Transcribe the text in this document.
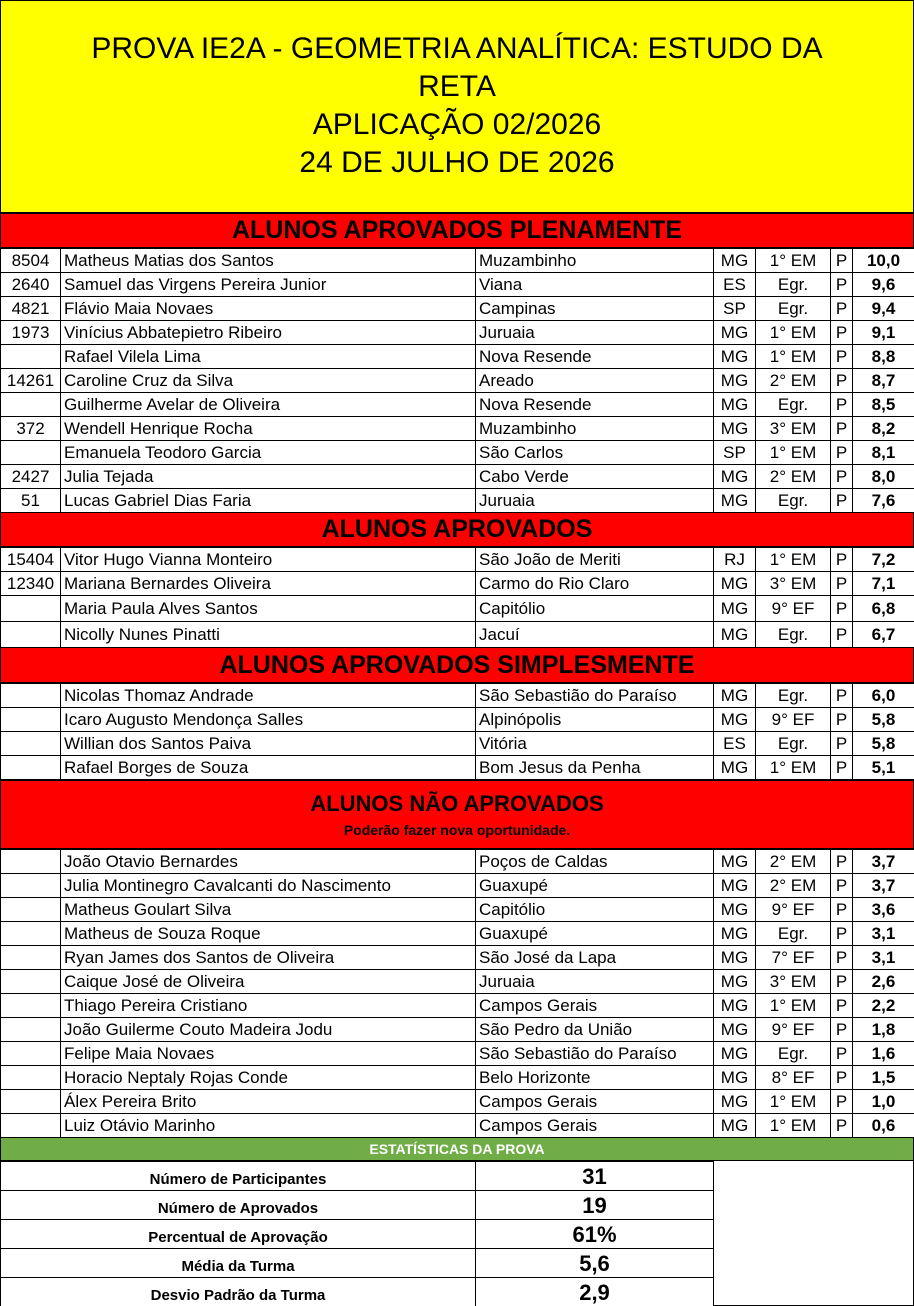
PROVA IE2A - GEOMETRIA ANALÍTICA: ESTUDO DA
RETA
APLICAÇÃO 02/2026
24 DE JULHO DE 2026
ALUNOS APROVADOS PLENAMENTE
8504	Matheus Matias dos Santos	Muzambinho	MG	1° EM	P	10,0
2640	Samuel das Virgens Pereira Junior	Viana	ES	Egr.	P	9,6
4821	Flávio Maia Novaes	Campinas	SP	Egr.	P	9,4
1973	Vinícius Abbatepietro Ribeiro	Juruaia	MG	1° EM	P	9,1
	Rafael Vilela Lima	Nova Resende	MG	1° EM	P	8,8
14261	Caroline Cruz da Silva	Areado	MG	2° EM	P	8,7
	Guilherme Avelar de Oliveira	Nova Resende	MG	Egr.	P	8,5
372	Wendell Henrique Rocha	Muzambinho	MG	3° EM	P	8,2
	Emanuela Teodoro Garcia	São Carlos	SP	1° EM	P	8,1
2427	Julia Tejada	Cabo Verde	MG	2° EM	P	8,0
51	Lucas Gabriel Dias Faria	Juruaia	MG	Egr.	P	7,6
ALUNOS APROVADOS
15404	Vitor Hugo Vianna Monteiro	São João de Meriti	RJ	1° EM	P	7,2
12340	Mariana Bernardes Oliveira	Carmo do Rio Claro	MG	3° EM	P	7,1
	Maria Paula Alves Santos	Capitólio	MG	9° EF	P	6,8
	Nicolly Nunes Pinatti	Jacuí	MG	Egr.	P	6,7
ALUNOS APROVADOS SIMPLESMENTE
	Nicolas Thomaz Andrade	São Sebastião do Paraíso	MG	Egr.	P	6,0
	Icaro Augusto Mendonça Salles	Alpinópolis	MG	9° EF	P	5,8
	Willian dos Santos Paiva	Vitória	ES	Egr.	P	5,8
	Rafael Borges de Souza	Bom Jesus da Penha	MG	1° EM	P	5,1
ALUNOS NÃO APROVADOS
Poderão fazer nova oportunidade.
	João Otavio Bernardes	Poços de Caldas	MG	2° EM	P	3,7
	Julia Montinegro Cavalcanti do Nascimento	Guaxupé	MG	2° EM	P	3,7
	Matheus Goulart Silva	Capitólio	MG	9° EF	P	3,6
	Matheus de Souza Roque	Guaxupé	MG	Egr.	P	3,1
	Ryan James dos Santos de Oliveira	São José da Lapa	MG	7° EF	P	3,1
	Caique José de Oliveira	Juruaia	MG	3° EM	P	2,6
	Thiago Pereira Cristiano	Campos Gerais	MG	1° EM	P	2,2
	João Guilerme Couto Madeira Jodu	São Pedro da União	MG	9° EF	P	1,8
	Felipe Maia Novaes	São Sebastião do Paraíso	MG	Egr.	P	1,6
	Horacio Neptaly Rojas Conde	Belo Horizonte	MG	8° EF	P	1,5
	Álex Pereira Brito	Campos Gerais	MG	1° EM	P	1,0
	Luiz Otávio Marinho	Campos Gerais	MG	1° EM	P	0,6
ESTATÍSTICAS DA PROVA
Número de Participantes	31
Número de Aprovados	19
Percentual de Aprovação	61%
Média da Turma	5,6
Desvio Padrão da Turma	2,9
